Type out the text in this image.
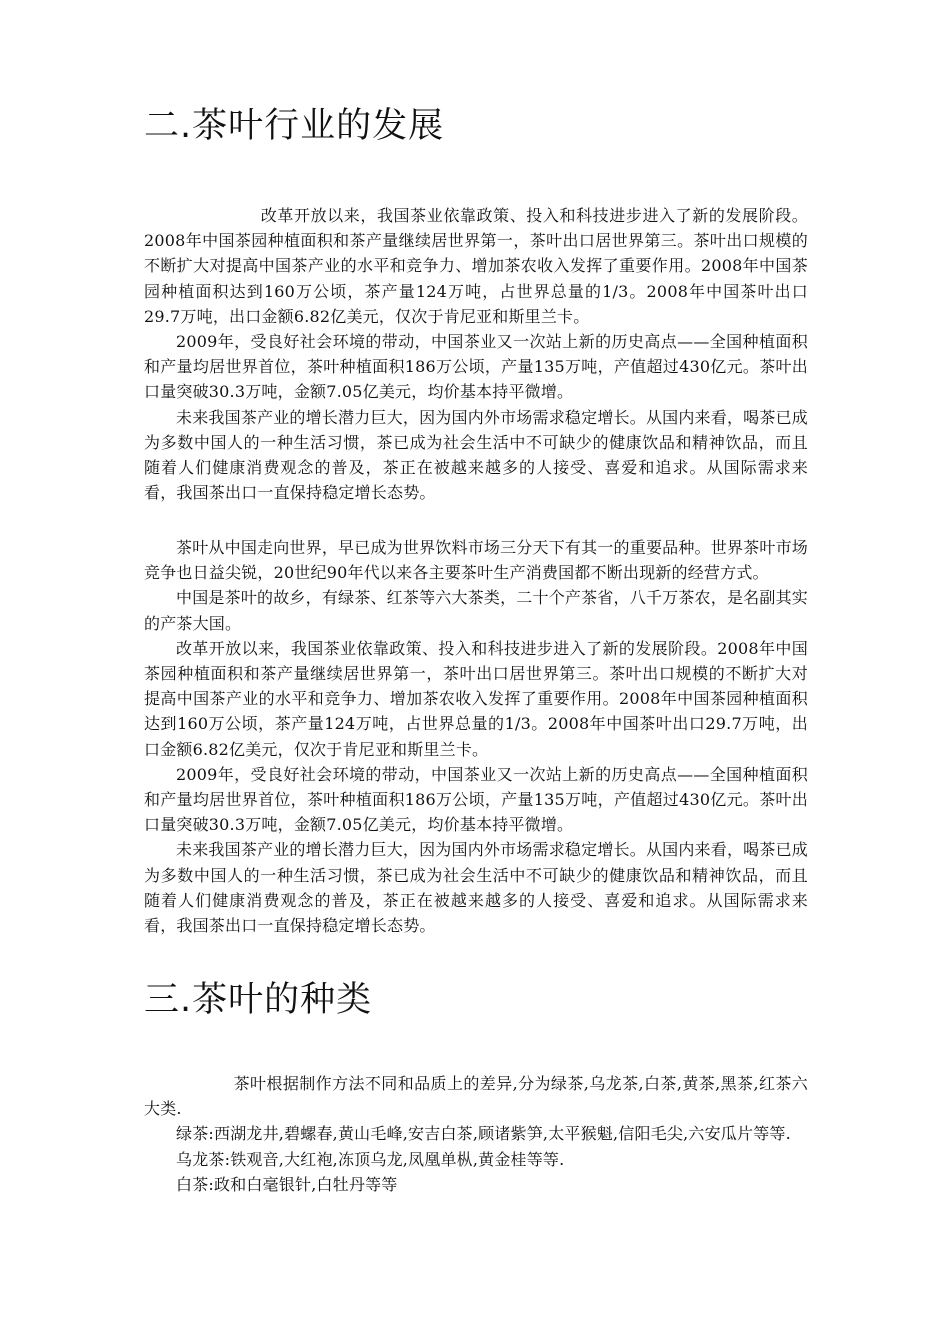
二.茶叶行业的发展

改革开放以来，我国茶业依靠政策、投入和科技进步进入了新的发展阶段。2008年中国茶园种植面积和茶产量继续居世界第一，茶叶出口居世界第三。茶叶出口规模的不断扩大对提高中国茶产业的水平和竞争力、增加茶农收入发挥了重要作用。2008年中国茶园种植面积达到160万公顷，茶产量124万吨，占世界总量的1/3。2008年中国茶叶出口29.7万吨，出口金额6.82亿美元，仅次于肯尼亚和斯里兰卡。

2009年，受良好社会环境的带动，中国茶业又一次站上新的历史高点——全国种植面积和产量均居世界首位，茶叶种植面积186万公顷，产量135万吨，产值超过430亿元。茶叶出口量突破30.3万吨，金额7.05亿美元，均价基本持平微增。

未来我国茶产业的增长潜力巨大，因为国内外市场需求稳定增长。从国内来看，喝茶已成为多数中国人的一种生活习惯，茶已成为社会生活中不可缺少的健康饮品和精神饮品，而且随着人们健康消费观念的普及，茶正在被越来越多的人接受、喜爱和追求。从国际需求来看，我国茶出口一直保持稳定增长态势。

茶叶从中国走向世界，早已成为世界饮料市场三分天下有其一的重要品种。世界茶叶市场竞争也日益尖锐，20世纪90年代以来各主要茶叶生产消费国都不断出现新的经营方式。

中国是茶叶的故乡，有绿茶、红茶等六大茶类，二十个产茶省，八千万茶农，是名副其实的产茶大国。

改革开放以来，我国茶业依靠政策、投入和科技进步进入了新的发展阶段。2008年中国茶园种植面积和茶产量继续居世界第一，茶叶出口居世界第三。茶叶出口规模的不断扩大对提高中国茶产业的水平和竞争力、增加茶农收入发挥了重要作用。2008年中国茶园种植面积达到160万公顷，茶产量124万吨，占世界总量的1/3。2008年中国茶叶出口29.7万吨，出口金额6.82亿美元，仅次于肯尼亚和斯里兰卡。

2009年，受良好社会环境的带动，中国茶业又一次站上新的历史高点——全国种植面积和产量均居世界首位，茶叶种植面积186万公顷，产量135万吨，产值超过430亿元。茶叶出口量突破30.3万吨，金额7.05亿美元，均价基本持平微增。

未来我国茶产业的增长潜力巨大，因为国内外市场需求稳定增长。从国内来看，喝茶已成为多数中国人的一种生活习惯，茶已成为社会生活中不可缺少的健康饮品和精神饮品，而且随着人们健康消费观念的普及，茶正在被越来越多的人接受、喜爱和追求。从国际需求来看，我国茶出口一直保持稳定增长态势。

三.茶叶的种类

茶叶根据制作方法不同和品质上的差异,分为绿茶,乌龙茶,白茶,黄茶,黑茶,红茶六大类.

绿茶:西湖龙井,碧螺春,黄山毛峰,安吉白茶,顾诸紫笋,太平猴魁,信阳毛尖,六安瓜片等等.

乌龙茶:铁观音,大红袍,冻顶乌龙,凤凰单枞,黄金桂等等.

白茶:政和白毫银针,白牡丹等等
